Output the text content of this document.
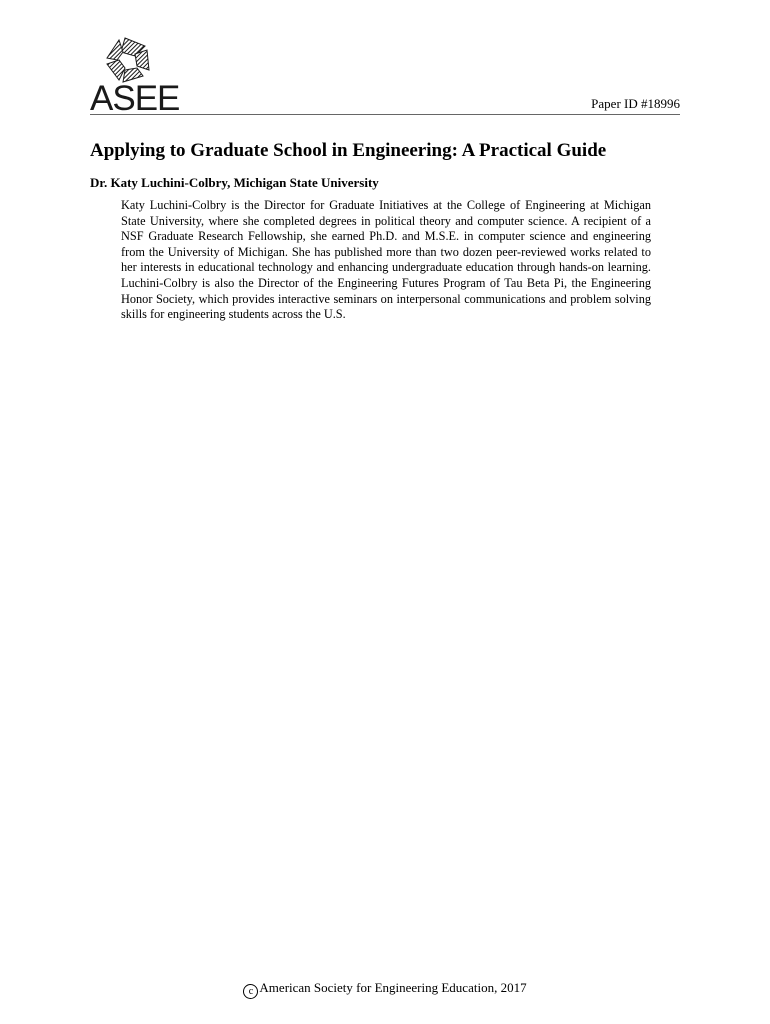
ASEE	Paper ID #18996
Applying to Graduate School in Engineering: A Practical Guide

Dr. Katy Luchini-Colbry, Michigan State University

Katy Luchini-Colbry is the Director for Graduate Initiatives at the College of Engineering at Michigan State University, where she completed degrees in political theory and computer science. A recipient of a NSF Graduate Research Fellowship, she earned Ph.D. and M.S.E. in computer science and engineering from the University of Michigan. She has published more than two dozen peer-reviewed works related to her interests in educational technology and enhancing undergraduate education through hands-on learning. Luchini-Colbry is also the Director of the Engineering Futures Program of Tau Beta Pi, the Engineering Honor Society, which provides interactive seminars on interpersonal communications and problem solving skills for engineering students across the U.S.

c American Society for Engineering Education, 2017
